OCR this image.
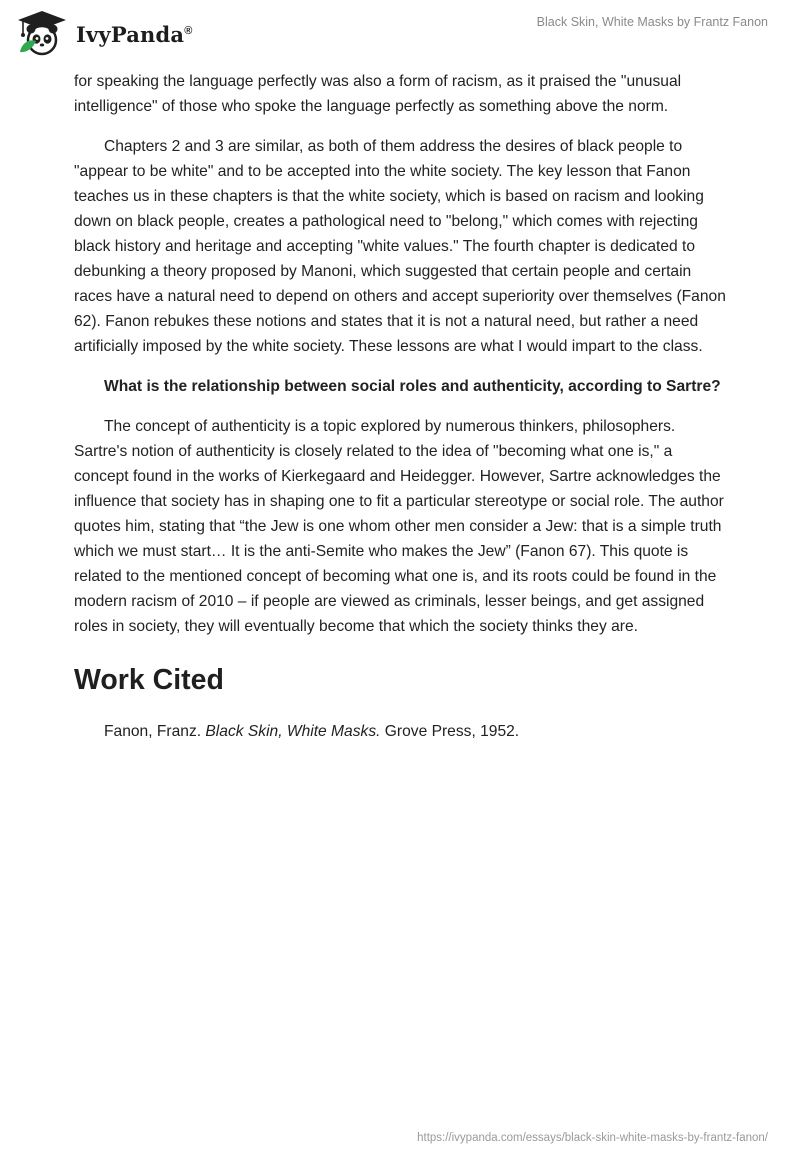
IvyPanda®
Black Skin, White Masks by Frantz Fanon

for speaking the language perfectly was also a form of racism, as it praised the "unusual intelligence" of those who spoke the language perfectly as something above the norm.

Chapters 2 and 3 are similar, as both of them address the desires of black people to "appear to be white" and to be accepted into the white society. The key lesson that Fanon teaches us in these chapters is that the white society, which is based on racism and looking down on black people, creates a pathological need to "belong," which comes with rejecting black history and heritage and accepting "white values." The fourth chapter is dedicated to debunking a theory proposed by Manoni, which suggested that certain people and certain races have a natural need to depend on others and accept superiority over themselves (Fanon 62). Fanon rebukes these notions and states that it is not a natural need, but rather a need artificially imposed by the white society. These lessons are what I would impart to the class.

What is the relationship between social roles and authenticity, according to Sartre?

The concept of authenticity is a topic explored by numerous thinkers, philosophers. Sartre's notion of authenticity is closely related to the idea of "becoming what one is," a concept found in the works of Kierkegaard and Heidegger. However, Sartre acknowledges the influence that society has in shaping one to fit a particular stereotype or social role. The author quotes him, stating that “the Jew is one whom other men consider a Jew: that is a simple truth which we must start… It is the anti-Semite who makes the Jew” (Fanon 67). This quote is related to the mentioned concept of becoming what one is, and its roots could be found in the modern racism of 2010 – if people are viewed as criminals, lesser beings, and get assigned roles in society, they will eventually become that which the society thinks they are.

Work Cited

Fanon, Franz. Black Skin, White Masks. Grove Press, 1952.

https://ivypanda.com/essays/black-skin-white-masks-by-frantz-fanon/
